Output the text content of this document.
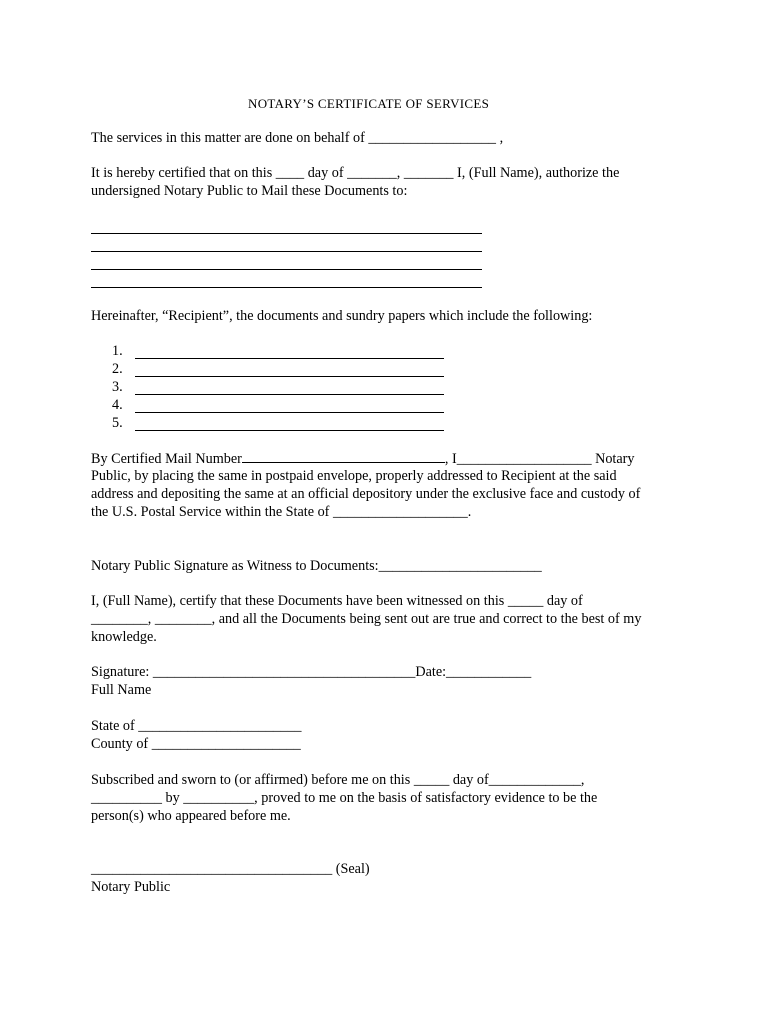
NOTARY’S CERTIFICATE OF SERVICES
The services in this matter are done on behalf of __________________ ,
It is hereby certified that on this ____ day of _______, _______ I, (Full Name), authorize the
undersigned Notary Public to Mail these Documents to:
Hereinafter, “Recipient”, the documents and sundry papers which include the following:
1.
2.
3.
4.
5.
By Certified Mail Number	, I___________________ Notary
Public, by placing the same in postpaid envelope, properly addressed to Recipient at the said
address and depositing the same at an official depository under the exclusive face and custody of
the U.S. Postal Service within the State of ___________________.
Notary Public Signature as Witness to Documents:_______________________
I, (Full Name), certify that these Documents have been witnessed on this _____ day of
________, ________, and all the Documents being sent out are true and correct to the best of my
knowledge.
Signature: _____________________________________Date:____________
Full Name
State of _______________________
County of _____________________
Subscribed and sworn to (or affirmed) before me on this _____ day of_____________,
__________ by __________, proved to me on the basis of satisfactory evidence to be the
person(s) who appeared before me.
__________________________________ (Seal)
Notary Public
